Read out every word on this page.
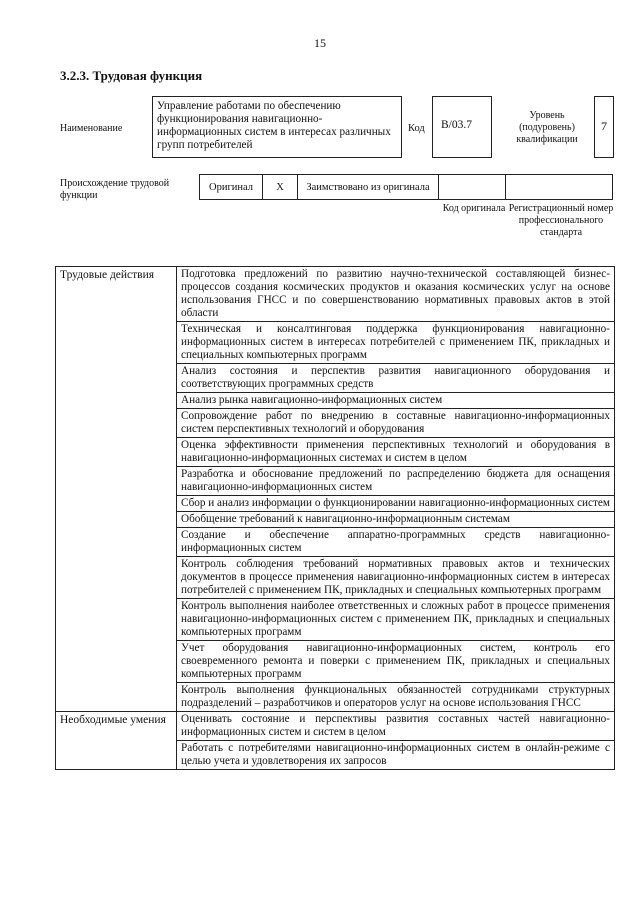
15
3.2.3. Трудовая функция
Наименование
Управление работами по обеспечению функционирования навигационно-информационных систем в интересах различных групп потребителей
Код	B/03.7
Уровень (подуровень) квалификации
7
Происхождение трудовой функции
Оригинал	X	Заимствовано из оригинала
Код оригинала Регистрационный номер профессионального стандарта
Трудовые действия	Подготовка предложений по развитию научно-технической составляющей бизнес-процессов создания космических продуктов и оказания космических услуг на основе использования ГНСС и по совершенствованию нормативных правовых актов в этой области
	Техническая и консалтинговая поддержка функционирования навигационно-информационных систем в интересах потребителей с применением ПК, прикладных и специальных компьютерных программ
	Анализ состояния и перспектив развития навигационного оборудования и соответствующих программных средств
	Анализ рынка навигационно-информационных систем
	Сопровождение работ по внедрению в составные навигационно-информационных систем перспективных технологий и оборудования
	Оценка эффективности применения перспективных технологий и оборудования в навигационно-информационных системах и систем в целом
	Разработка и обоснование предложений по распределению бюджета для оснащения навигационно-информационных систем
	Сбор и анализ информации о функционировании навигационно-информационных систем
	Обобщение требований к навигационно-информационным системам
	Создание и обеспечение аппаратно-программных средств навигационно-информационных систем
	Контроль соблюдения требований нормативных правовых актов и технических документов в процессе применения навигационно-информационных систем в интересах потребителей с применением ПК, прикладных и специальных компьютерных программ
	Контроль выполнения наиболее ответственных и сложных работ в процессе применения навигационно-информационных систем с применением ПК, прикладных и специальных компьютерных программ
	Учет оборудования навигационно-информационных систем, контроль его своевременного ремонта и поверки с применением ПК, прикладных и специальных компьютерных программ
	Контроль выполнения функциональных обязанностей сотрудниками структурных подразделений – разработчиков и операторов услуг на основе использования ГНСС
Необходимые умения	Оценивать состояние и перспективы развития составных частей навигационно-информационных систем и систем в целом
	Работать с потребителями навигационно-информационных систем в онлайн-режиме с целью учета и удовлетворения их запросов
